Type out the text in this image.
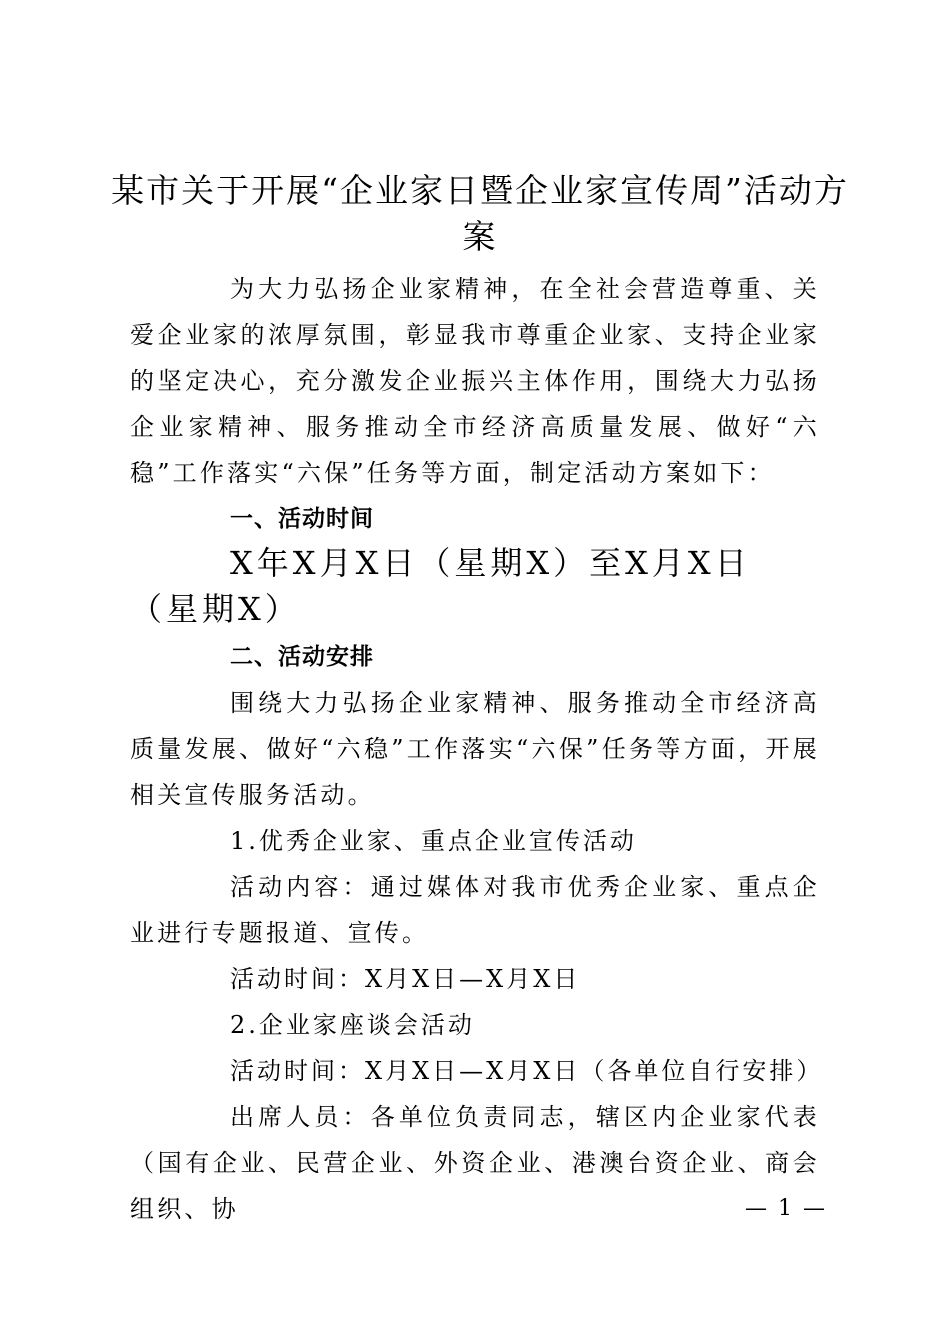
某市关于开展“企业家日暨企业家宣传周”活动方案
为大力弘扬企业家精神，在全社会营造尊重、关爱企业家的浓厚氛围，彰显我市尊重企业家、支持企业家的坚定决心，充分激发企业振兴主体作用，围绕大力弘扬企业家精神、服务推动全市经济高质量发展、做好“六稳”工作落实“六保”任务等方面，制定活动方案如下：
一、活动时间
X年X月X日（星期X）至X月X日（星期X）
二、活动安排
围绕大力弘扬企业家精神、服务推动全市经济高质量发展、做好“六稳”工作落实“六保”任务等方面，开展相关宣传服务活动。
1.优秀企业家、重点企业宣传活动
活动内容：通过媒体对我市优秀企业家、重点企业进行专题报道、宣传。
活动时间：X月X日—X月X日
2.企业家座谈会活动
活动时间：X月X日—X月X日（各单位自行安排）
出席人员：各单位负责同志，辖区内企业家代表（国有企业、民营企业、外资企业、港澳台资企业、商会组织、协	— 1 —
